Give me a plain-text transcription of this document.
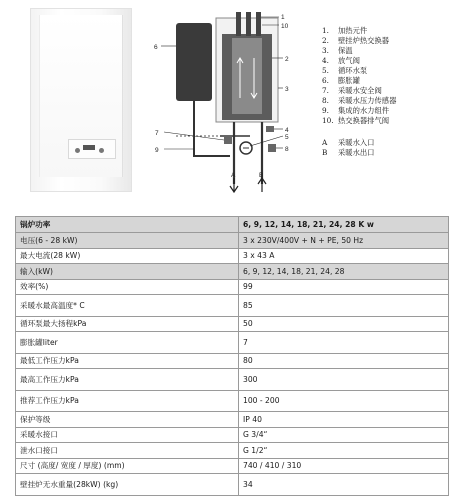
6
7
9
1
10
2
3
4
5
8
A	B
1.	加热元件
2.	壁挂炉热交换器
3.	保温
4.	放气阀
5.	循环水泵
6.	膨胀罐
7.	采暖水安全阀
8.	采暖水压力传感器
9.	集成的水力组件
10. 热交换器排气阀
A	采暖水入口
B	采暖水出口
锅炉功率	6, 9, 12, 14, 18, 21, 24, 28 K w
电压(6 - 28 kW)	3 x 230V/400V + N + PE, 50 Hz
最大电流(28 kW)	3 x 43 A
输入(kW)	6, 9, 12, 14, 18, 21, 24, 28
效率(%)	99
采暖水最高温度* C	85
循环泵最大扬程kPa	50
膨胀罐liter	7
最低工作压力kPa	80
最高工作压力kPa	300
推荐工作压力kPa	100 - 200
保护等级	IP 40
采暖水接口	G 3/4“
泄水口接口	G 1/2“
尺寸 (高度/ 宽度 / 厚度) (mm)	740 / 410 / 310
壁挂炉无水重量(28kW) (kg)	34
